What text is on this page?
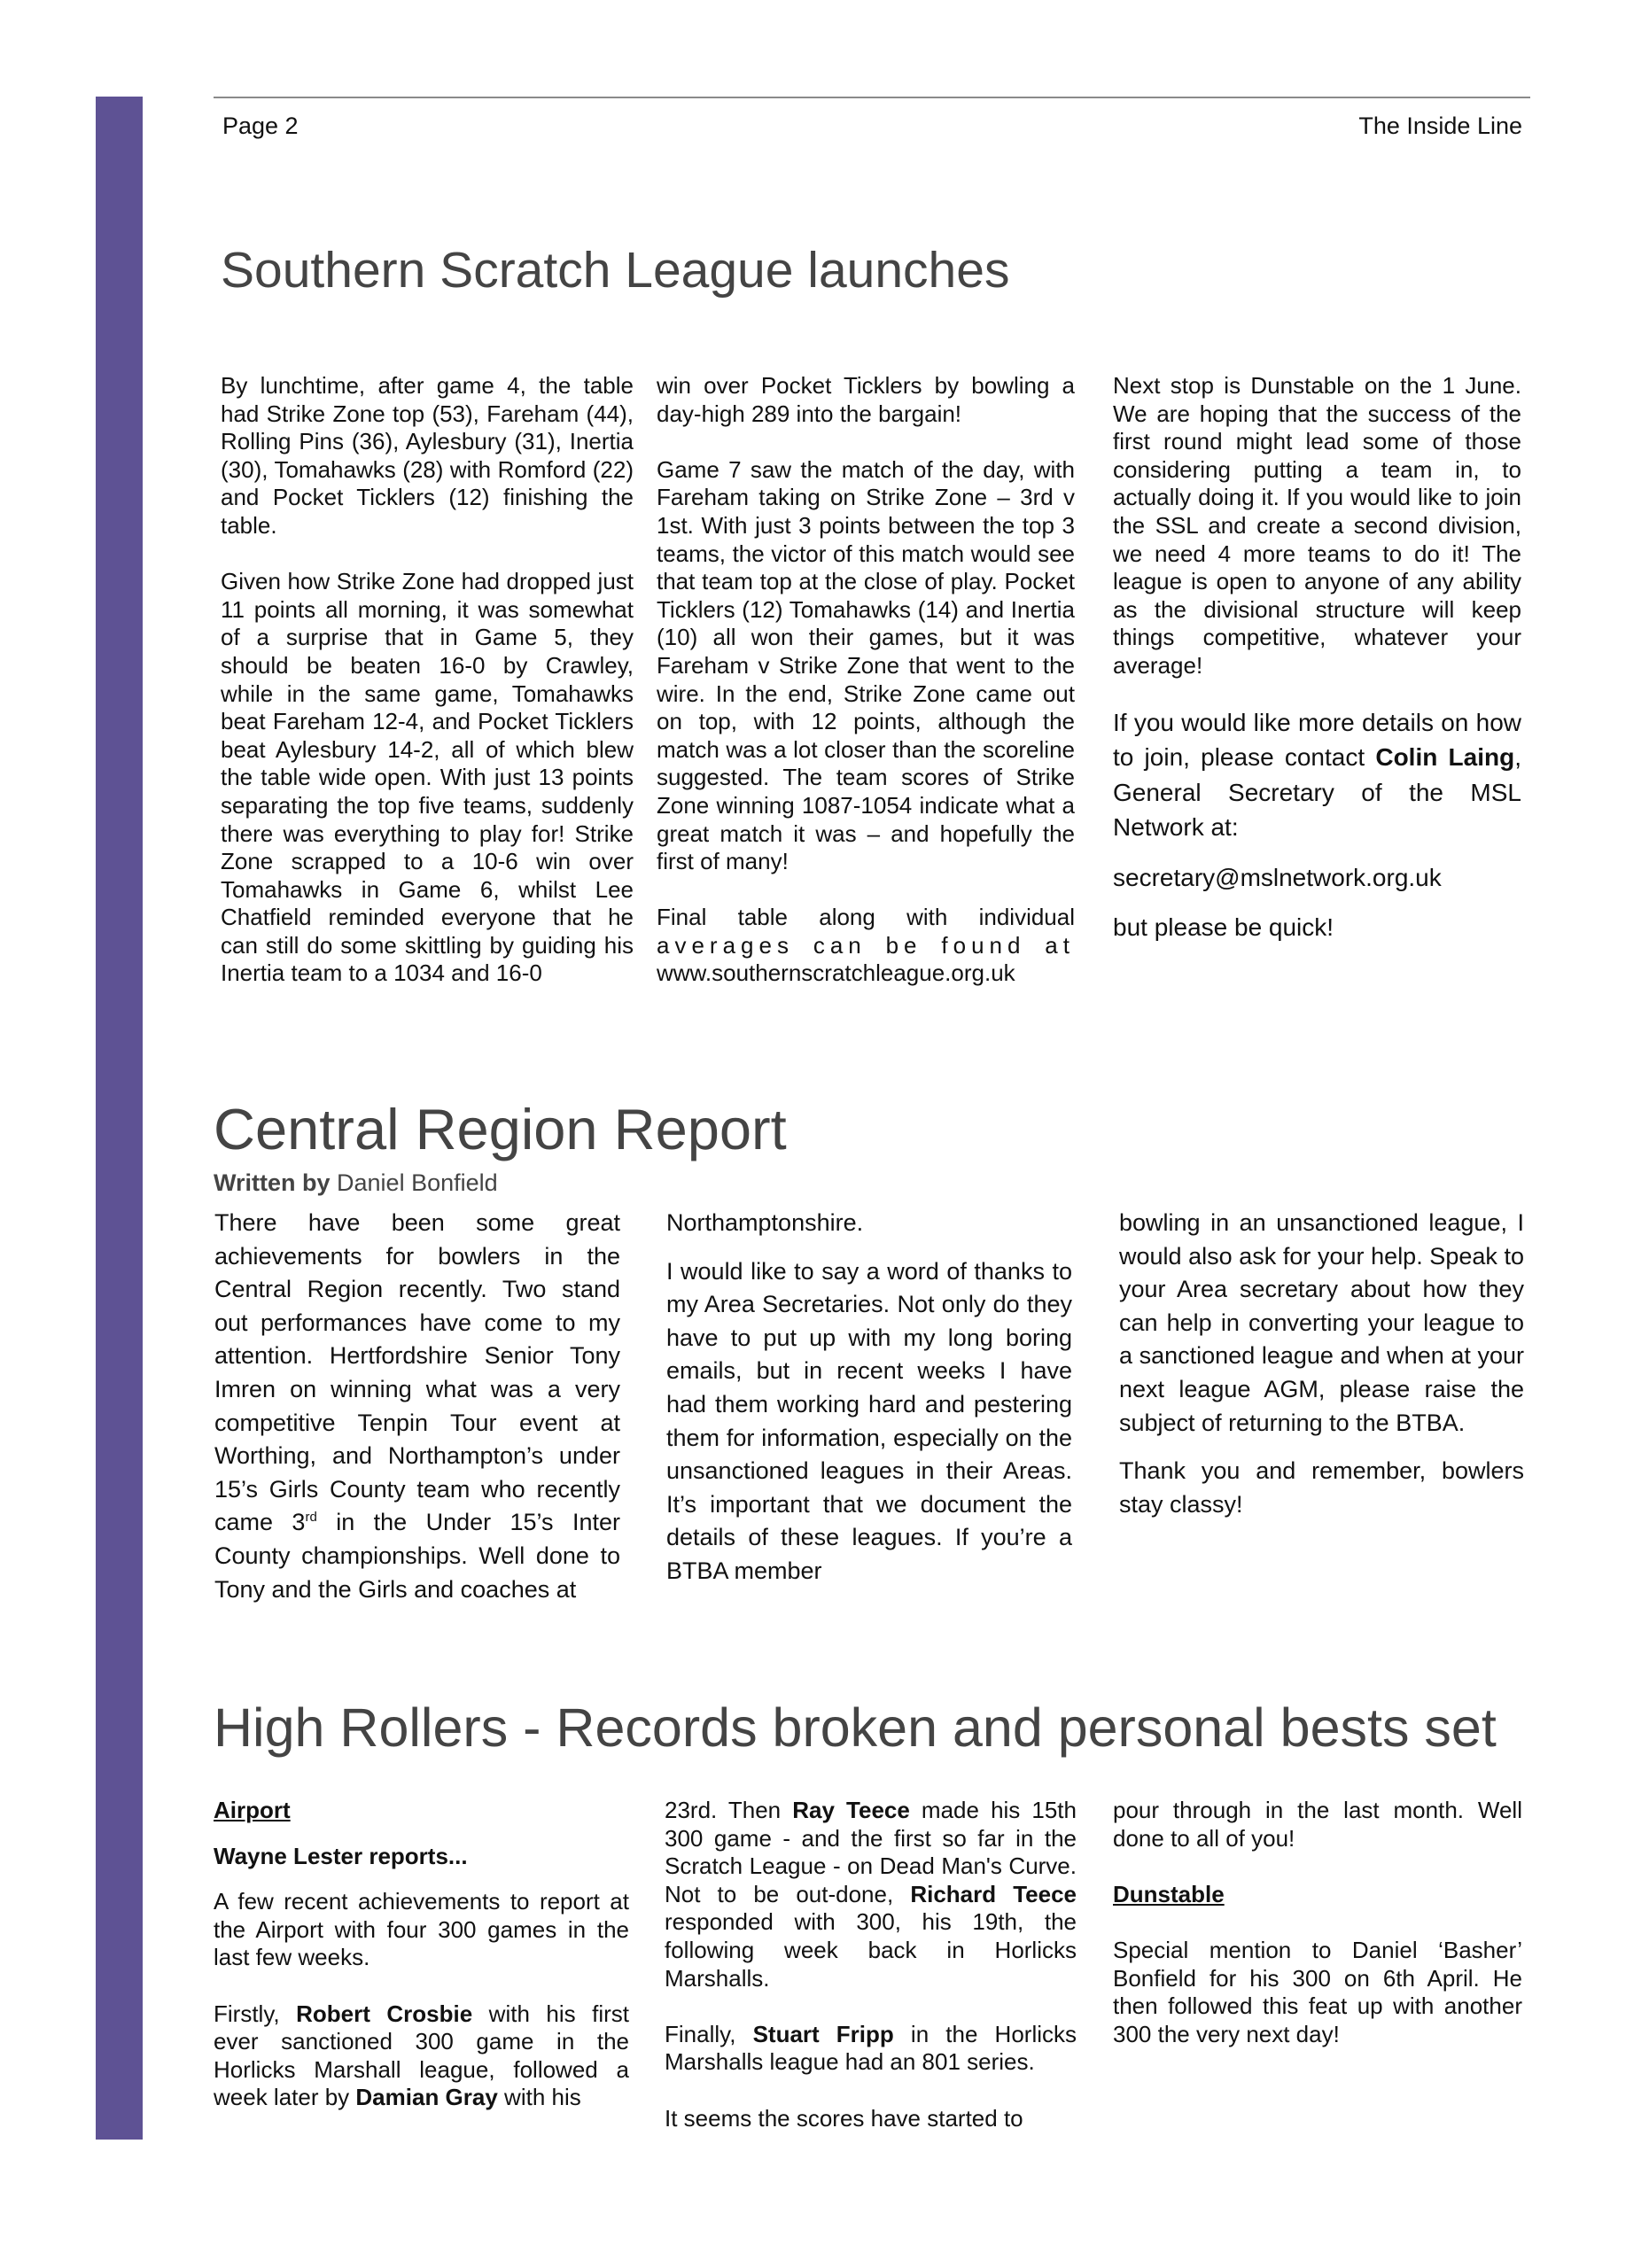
Page 2	The Inside Line
Southern Scratch League launches

By lunchtime, after game 4, the table had Strike Zone top (53), Fareham (44), Rolling Pins (36), Aylesbury (31), Inertia (30), Tomahawks (28) with Romford (22) and Pocket Ticklers (12) finishing the table.

Given how Strike Zone had dropped just 11 points all morning, it was somewhat of a surprise that in Game 5, they should be beaten 16-0 by Crawley, while in the same game, Tomahawks beat Fareham 12-4, and Pocket Ticklers beat Aylesbury 14-2, all of which blew the table wide open. With just 13 points separating the top five teams, suddenly there was everything to play for! Strike Zone scrapped to a 10-6 win over Tomahawks in Game 6, whilst Lee Chatfield reminded everyone that he can still do some skittling by guiding his Inertia team to a 1034 and 16-0

win over Pocket Ticklers by bowling a day-high 289 into the bargain!

Game 7 saw the match of the day, with Fareham taking on Strike Zone – 3rd v 1st. With just 3 points between the top 3 teams, the victor of this match would see that team top at the close of play. Pocket Ticklers (12) Tomahawks (14) and Inertia (10) all won their games, but it was Fareham v Strike Zone that went to the wire. In the end, Strike Zone came out on top, with 12 points, although the match was a lot closer than the scoreline suggested. The team scores of Strike Zone winning 1087-1054 indicate what a great match it was – and hopefully the first of many!

Final table along with individual
averages can be found at
www.southernscratchleague.org.uk

Next stop is Dunstable on the 1 June. We are hoping that the success of the first round might lead some of those considering putting a team in, to actually doing it. If you would like to join the SSL and create a second division, we need 4 more teams to do it! The league is open to anyone of any ability as the divisional structure will keep things competitive, whatever your average!

If you would like more details on how to join, please contact Colin Laing, General Secretary of the MSL Network at:

secretary@mslnetwork.org.uk

but please be quick!

Central Region Report
Written by Daniel Bonfield

There have been some great achievements for bowlers in the Central Region recently. Two stand out performances have come to my attention. Hertfordshire Senior Tony Imren on winning what was a very competitive Tenpin Tour event at Worthing, and Northampton’s under 15’s Girls County team who recently came 3rd in the Under 15’s Inter County championships. Well done to Tony and the Girls and coaches at

Northamptonshire.

I would like to say a word of thanks to my Area Secretaries. Not only do they have to put up with my long boring emails, but in recent weeks I have had them working hard and pestering them for information, especially on the unsanctioned leagues in their Areas. It’s important that we document the details of these leagues. If you’re a BTBA member

bowling in an unsanctioned league, I would also ask for your help. Speak to your Area secretary about how they can help in converting your league to a sanctioned league and when at your next league AGM, please raise the subject of returning to the BTBA.

Thank you and remember, bowlers stay classy!

High Rollers - Records broken and personal bests set

Airport

Wayne Lester reports...

A few recent achievements to report at the Airport with four 300 games in the last few weeks.

Firstly, Robert Crosbie with his first ever sanctioned 300 game in the Horlicks Marshall league, followed a week later by Damian Gray with his

23rd. Then Ray Teece made his 15th 300 game - and the first so far in the Scratch League - on Dead Man's Curve. Not to be out-done, Richard Teece responded with 300, his 19th, the following week back in Horlicks Marshalls.

Finally, Stuart Fripp in the Horlicks Marshalls league had an 801 series.

It seems the scores have started to

pour through in the last month. Well done to all of you!

Dunstable

Special mention to Daniel ‘Basher’ Bonfield for his 300 on 6th April. He then followed this feat up with another 300 the very next day!
